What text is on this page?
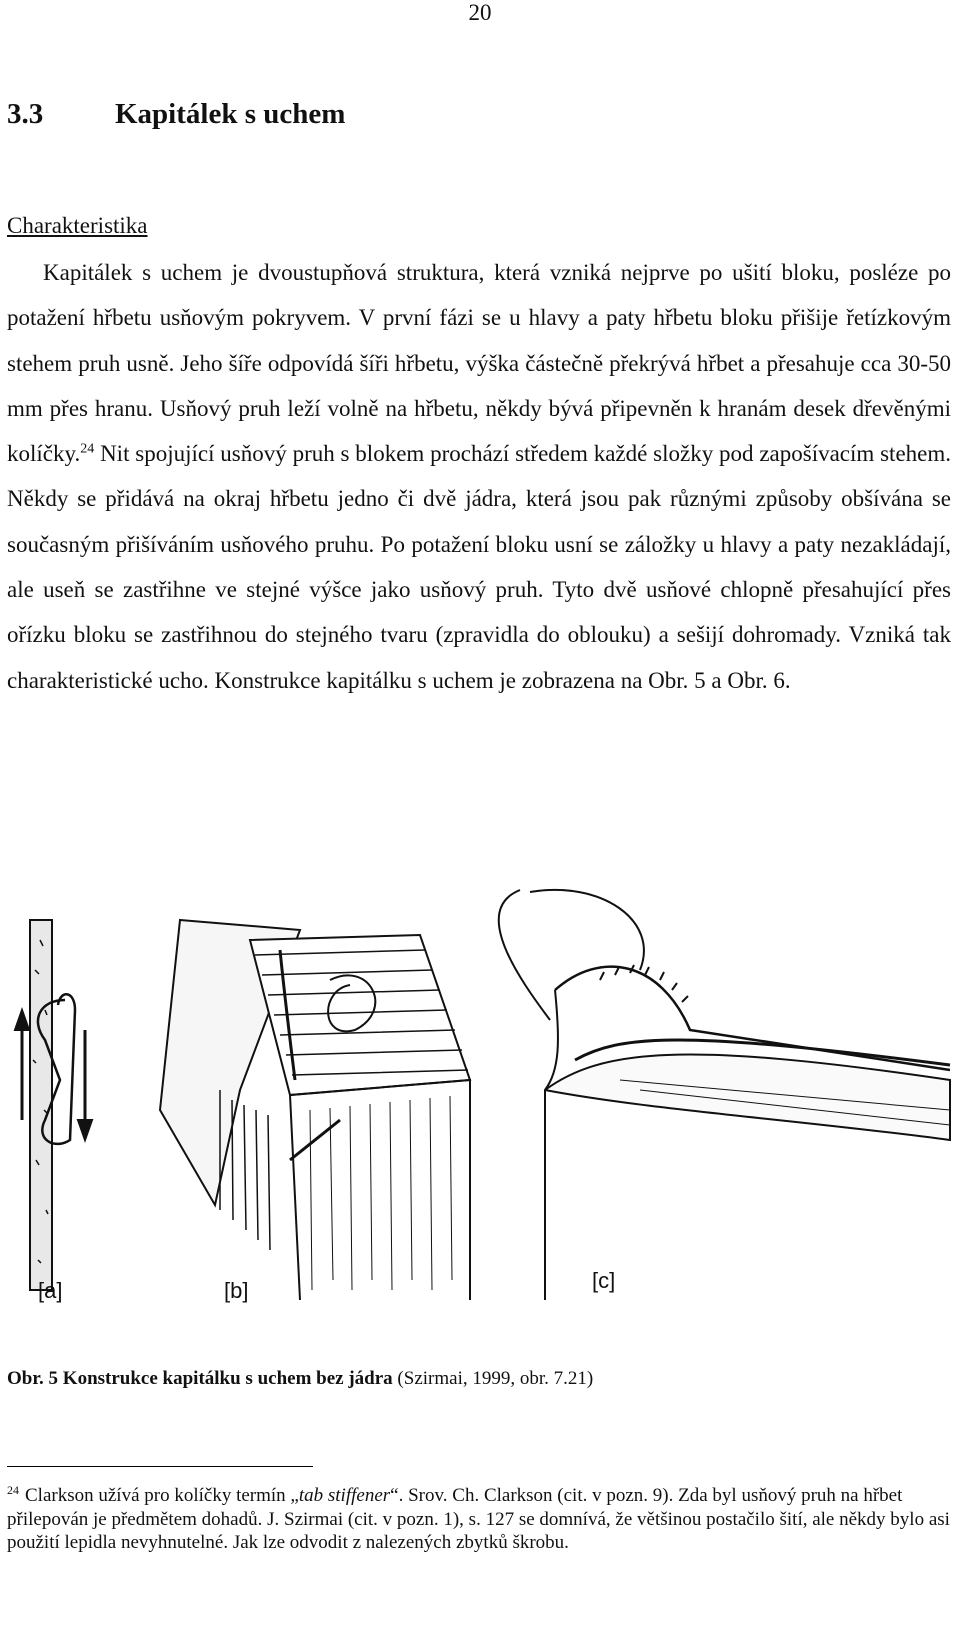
20
3.3	Kapitálek s uchem
Charakteristika

Kapitálek s uchem je dvoustupňová struktura, která vzniká nejprve po ušití bloku, posléze po potažení hřbetu usňovým pokryvem. V první fázi se u hlavy a paty hřbetu bloku přišije řetízkovým stehem pruh usně. Jeho šíře odpovídá šíři hřbetu, výška částečně překrývá hřbet a přesahuje cca 30-50 mm přes hranu. Usňový pruh leží volně na hřbetu, někdy bývá připevněn k hranám desek dřevěnými kolíčky.$^{24}$ Nit spojující usňový pruh s blokem prochází středem každé složky pod zapošívacím stehem. Někdy se přidává na okraj hřbetu jedno či dvě jádra, která jsou pak různými způsoby obšívána se současným přišíváním usňového pruhu. Po potažení bloku usní se záložky u hlavy a paty nezakládají, ale useň se zastřihne ve stejné výšce jako usňový pruh. Tyto dvě usňové chlopně přesahující přes ořízku bloku se zastřihnou do stejného tvaru (zpravidla do oblouku) a sešijí dohromady. Vzniká tak charakteristické ucho. Konstrukce kapitálku s uchem je zobrazena na Obr. 5 a Obr. 6.

[a]	[b]	[c]
Obr. 5 Konstrukce kapitálku s uchem bez jádra (Szirmai, 1999, obr. 7.21)
$^{24}$ Clarkson užívá pro kolíčky termín „tab stiffener“. Srov. Ch. Clarkson (cit. v pozn. 9). Zda byl usňový pruh na hřbet přilepován je předmětem dohadů. J. Szirmai (cit. v pozn. 1), s. 127 se domnívá, že většinou postačilo šití, ale někdy bylo asi použití lepidla nevyhnutelné. Jak lze odvodit z nalezených zbytků škrobu.
